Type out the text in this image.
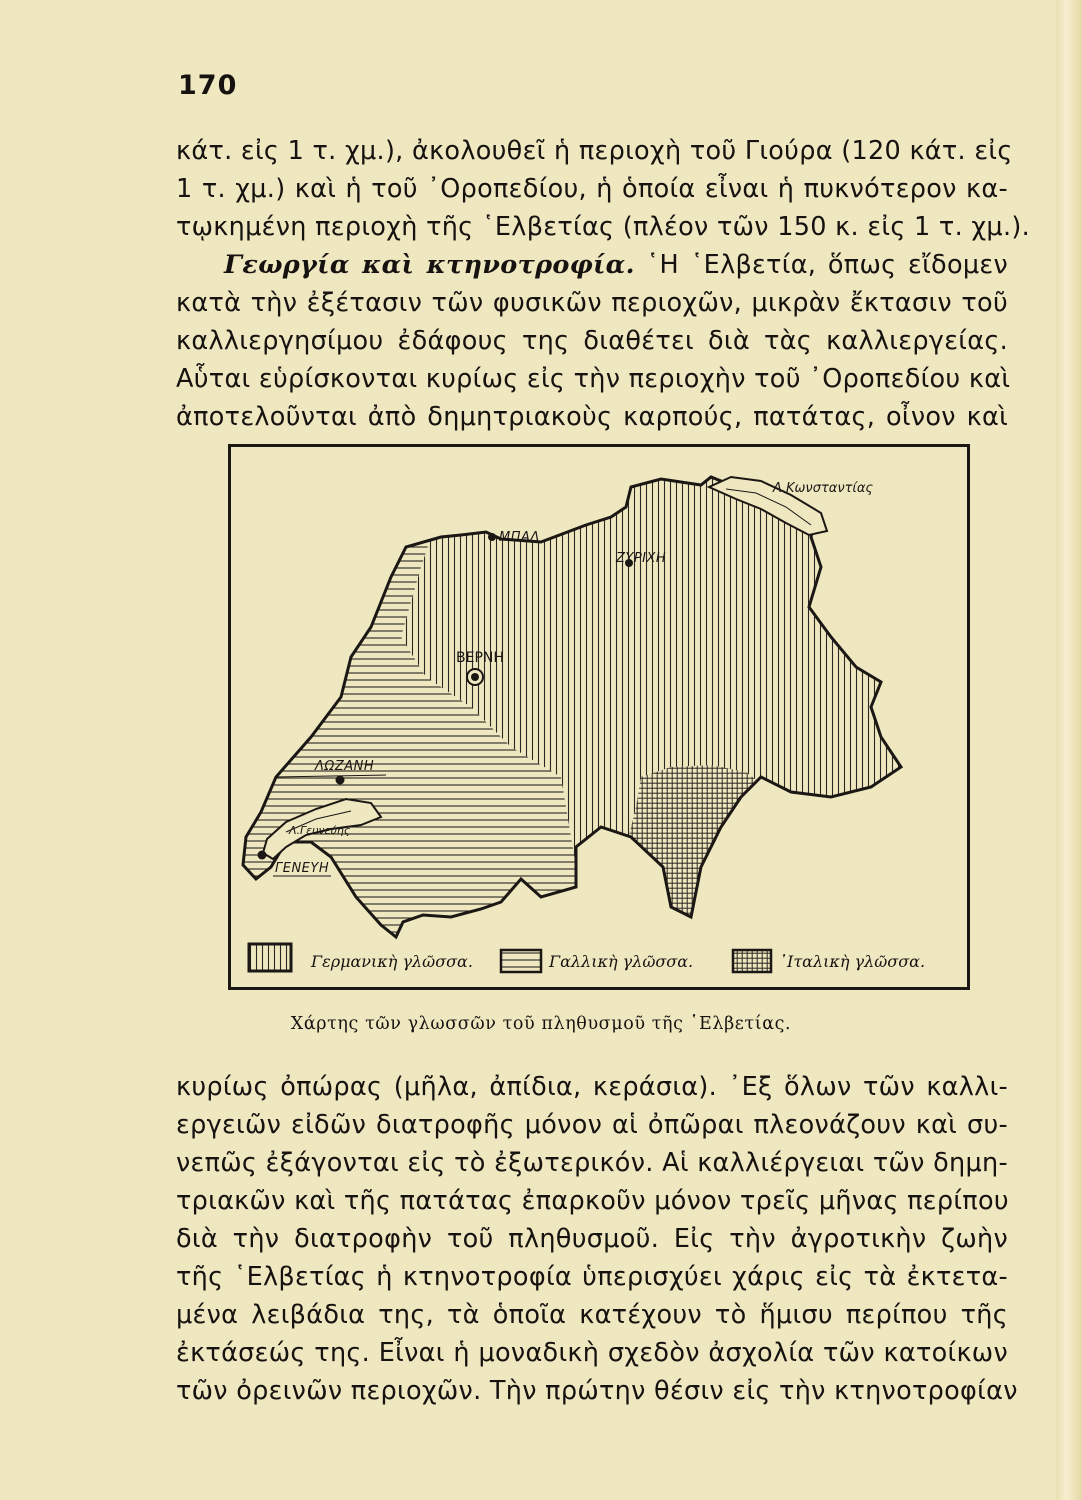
170
κάτ. εἰς 1 τ. χμ.), ἀκολουθεῖ ἡ περιοχὴ τοῦ Γιούρα (120 κάτ. εἰς
1 τ. χμ.) καὶ ἡ τοῦ ᾽Οροπεδίου, ἡ ὁποία εἶναι ἡ πυκνότερον κα-
τῳκημένη περιοχὴ τῆς ῾Ελβετίας (πλέον τῶν 150 κ. εἰς 1 τ. χμ.).
Γεωργία καὶ κτηνοτροφία. ῾Η ῾Ελβετία, ὅπως εἴδομεν
κατὰ τὴν ἐξέτασιν τῶν φυσικῶν περιοχῶν, μικρὰν ἔκτασιν τοῦ
καλλιεργησίμου ἐδάφους της διαθέτει διὰ τὰς καλλιεργείας.
Αὗται εὑρίσκονται κυρίως εἰς τὴν περιοχὴν τοῦ ᾽Οροπεδίου καὶ
ἀποτελοῦνται ἀπὸ δημητριακοὺς καρπούς, πατάτας, οἶνον καὶ
Λ.Κωνσταντίας
ΜΠΑΛ
ΖΥΡΙΧΗ
ΒΕΡΝΗ
ΛΩΖΑΝΗ
Λ.Γευνεύης
ΓΕΝΕΥΗ
Γερμανικὴ γλῶσσα.	Γαλλικὴ γλῶσσα.	᾽Ιταλικὴ γλῶσσα.
Χάρτης τῶν γλωσσῶν τοῦ πληθυσμοῦ τῆς ῾Ελβετίας.
κυρίως ὀπώρας (μῆλα, ἀπίδια, κεράσια). ᾽Εξ ὅλων τῶν καλλι-
εργειῶν εἰδῶν διατροφῆς μόνον αἱ ὀπῶραι πλεονάζουν καὶ συ-
νεπῶς ἐξάγονται εἰς τὸ ἐξωτερικόν. Αἱ καλλιέργειαι τῶν δημη-
τριακῶν καὶ τῆς πατάτας ἐπαρκοῦν μόνον τρεῖς μῆνας περίπου
διὰ τὴν διατροφὴν τοῦ πληθυσμοῦ. Εἰς τὴν ἀγροτικὴν ζωὴν
τῆς ῾Ελβετίας ἡ κτηνοτροφία ὑπερισχύει χάρις εἰς τὰ ἐκτετα-
μένα λειβάδια της, τὰ ὁποῖα κατέχουν τὸ ἥμισυ περίπου τῆς
ἐκτάσεώς της. Εἶναι ἡ μοναδικὴ σχεδὸν ἀσχολία τῶν κατοίκων
τῶν ὀρεινῶν περιοχῶν. Τὴν πρώτην θέσιν εἰς τὴν κτηνοτροφίαν
